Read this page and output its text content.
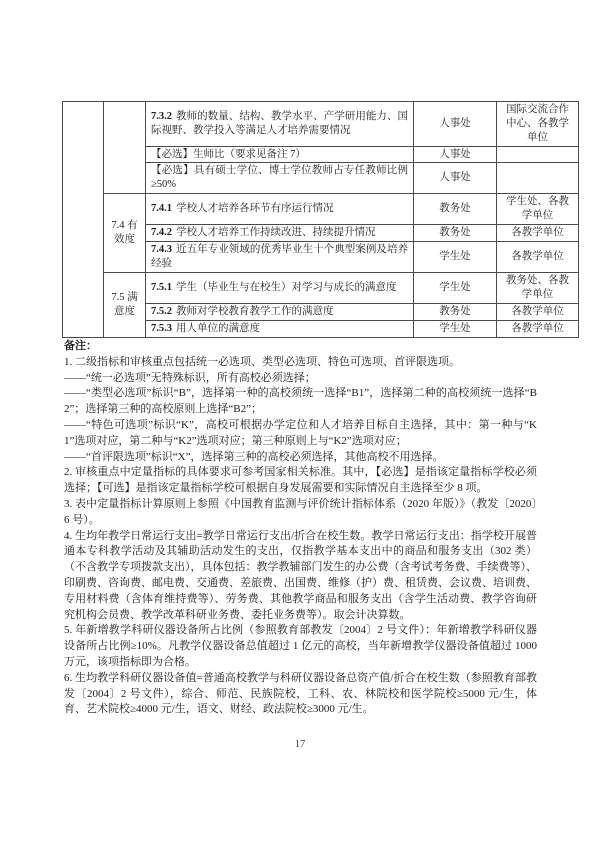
		7.3.2 教师的数量、结构、教学水平、产学研用能力、国际视野、教学投入等满足人才培养需要情况	人事处	国际交流合作中心、各教学单位
		【必选】生师比（要求见备注 7）	人事处	
		【必选】具有硕士学位、博士学位教师占专任教师比例≥50%	人事处	
	7.4 有效度	7.4.1 学校人才培养各环节有序运行情况	教务处	学生处、各教学单位
		7.4.2 学校人才培养工作持续改进、持续提升情况	教务处	各教学单位
		7.4.3 近五年专业领域的优秀毕业生十个典型案例及培养经验	学生处	各教学单位
	7.5 满意度	7.5.1 学生（毕业生与在校生）对学习与成长的满意度	学生处	教务处、各教学单位
		7.5.2 教师对学校教育教学工作的满意度	教务处	各教学单位
		7.5.3 用人单位的满意度	学生处	各教学单位

备注：

1. 二级指标和审核重点包括统一必选项、类型必选项、特色可选项、首评限选项。

——“统一必选项”无特殊标识，所有高校必须选择；

——“类型必选项”标识“B”，选择第一种的高校须统一选择“B1”，选择第二种的高校须统一选择“B2”；选择第三种的高校原则上选择“B2”；

——“特色可选项”标识“K”，高校可根据办学定位和人才培养目标自主选择，其中：第一种与“K1”选项对应，第二种与“K2”选项对应；第三种原则上与“K2”选项对应；

——“首评限选项”标识“X”，选择第三种的高校必须选择，其他高校不用选择。

2. 审核重点中定量指标的具体要求可参考国家相关标准。其中，【必选】是指该定量指标学校必须选择；【可选】是指该定量指标学校可根据自身发展需要和实际情况自主选择至少 8 项。

3. 表中定量指标计算原则上参照《中国教育监测与评价统计指标体系（2020 年版）》（教发〔2020〕6 号）。

4. 生均年教学日常运行支出=教学日常运行支出/折合在校生数。教学日常运行支出：指学校开展普通本专科教学活动及其辅助活动发生的支出，仅指教学基本支出中的商品和服务支出（302 类）（不含教学专项拨款支出），具体包括：教学教辅部门发生的办公费（含考试考务费、手续费等）、印刷费、咨询费、邮电费、交通费、差旅费、出国费、维修（护）费、租赁费、会议费、培训费、专用材料费（含体育维持费等）、劳务费、其他教学商品和服务支出（含学生活动费、教学咨询研究机构会员费、教学改革科研业务费、委托业务费等）。取会计决算数。

5. 年新增教学科研仪器设备所占比例（参照教育部教发〔2004〕2 号文件）：年新增教学科研仪器设备所占比例≥10%。凡教学仪器设备总值超过 1 亿元的高校，当年新增教学仪器设备值超过 1000 万元，该项指标即为合格。

6. 生均教学科研仪器设备值=普通高校教学与科研仪器设备总资产值/折合在校生数（参照教育部教发〔2004〕2 号文件），综合、师范、民族院校，工科、农、林院校和医学院校≥5000 元/生，体育、艺术院校≥4000 元/生，语文、财经、政法院校≥3000 元/生。

17
